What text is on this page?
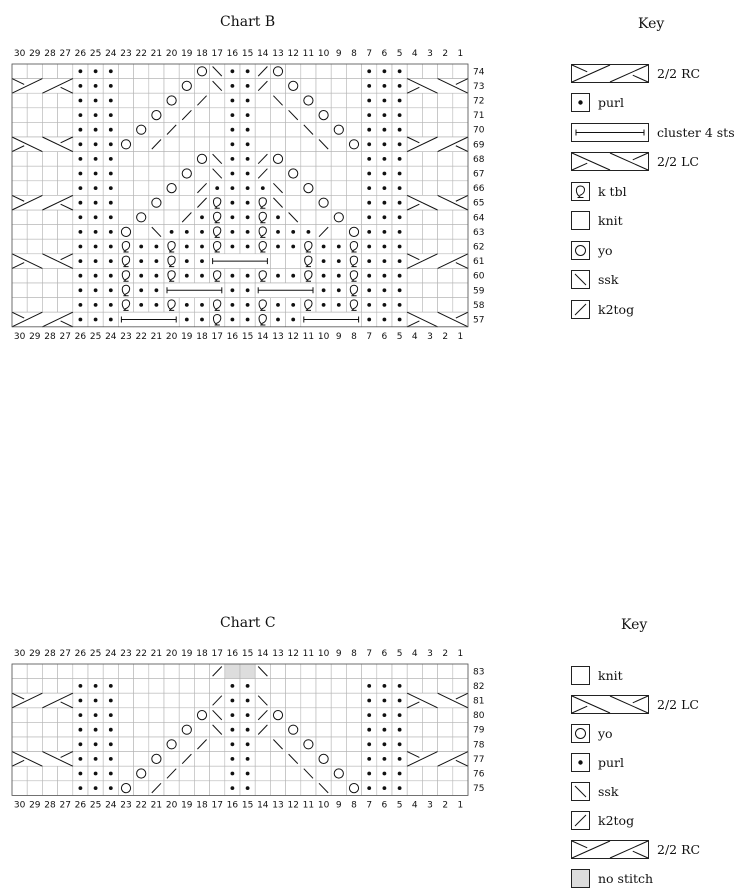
Chart B	Key
30 29 28 27 26 25 24 23 22 21 20 19 18 17 16 15 14 13 12 11 10 9 8 7 6 5 4 3 2 1
30 29 28 27 26 25 24 23 22 21 20 19 18 17 16 15 14 13 12 11 10 9 8 7 6 5 4 3 2 1
74
73
72
71
70
69
68
67
66
65
64
63
62
61
60
59
58
57
Chart C	Key
30 29 28 27 26 25 24 23 22 21 20 19 18 17 16 15 14 13 12 11 10 9 8 7 6 5 4 3 2 1
30 29 28 27 26 25 24 23 22 21 20 19 18 17 16 15 14 13 12 11 10 9 8 7 6 5 4 3 2 1
83
82
81
80
79
78
77
76
75
2/2 RC
purl
cluster 4 sts
2/2 LC
k tbl
knit
yo
ssk
k2tog
knit
2/2 LC
yo
purl
ssk
k2tog
2/2 RC
no stitch
